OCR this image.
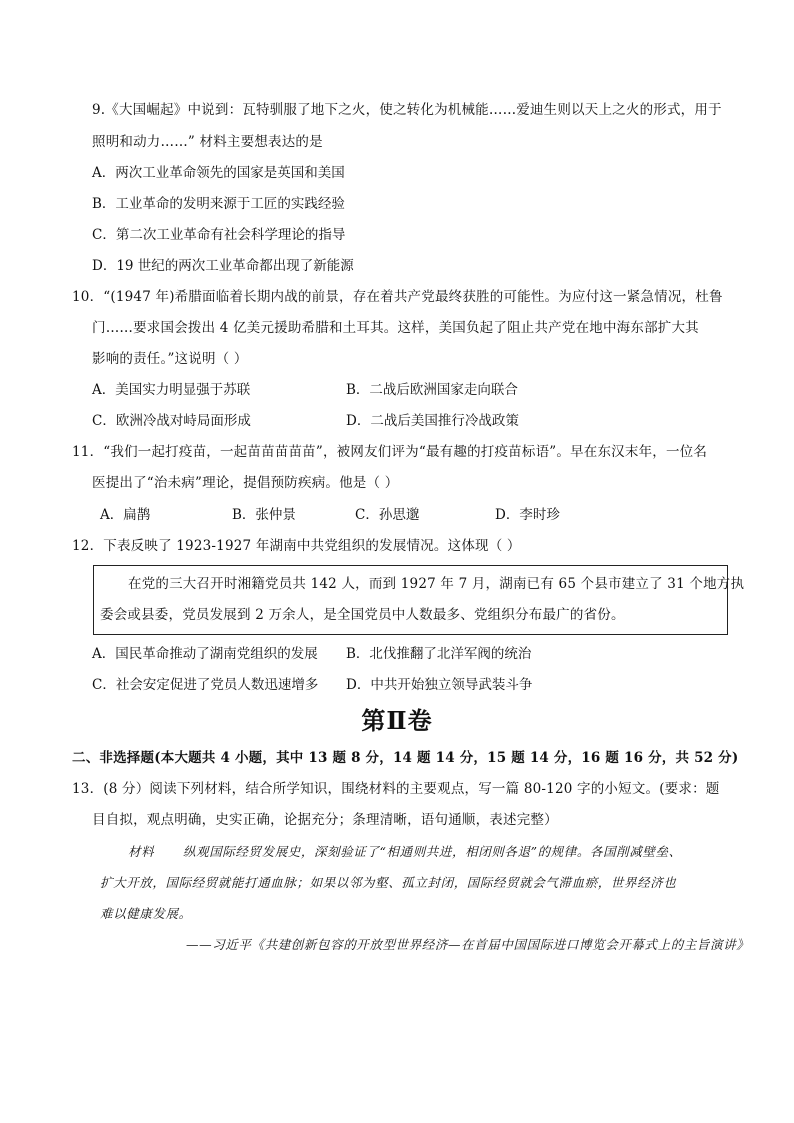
9.《大国崛起》中说到：瓦特驯服了地下之火，使之转化为机械能……爱迪生则以天上之火的形式，用于
照明和动力……” 材料主要想表达的是
A．两次工业革命领先的国家是英国和美国
B．工业革命的发明来源于工匠的实践经验
C．第二次工业革命有社会科学理论的指导
D．19 世纪的两次工业革命都出现了新能源
10．“(1947 年)希腊面临着长期内战的前景，存在着共产党最终获胜的可能性。为应付这一紧急情况，杜鲁
门……要求国会拨出 4 亿美元援助希腊和土耳其。这样，美国负起了阻止共产党在地中海东部扩大其
影响的责任。”这说明（ ）
A．美国实力明显强于苏联	B．二战后欧洲国家走向联合
C．欧洲冷战对峙局面形成	D．二战后美国推行冷战政策
11．“我们一起打疫苗，一起苗苗苗苗苗”，被网友们评为“最有趣的打疫苗标语”。早在东汉末年，一位名
医提出了“治未病”理论，提倡预防疾病。他是（ ）
A．扁鹊	B．张仲景	C．孙思邈	D．李时珍
12．下表反映了 1923-1927 年湖南中共党组织的发展情况。这体现（ ）
在党的三大召开时湘籍党员共 142 人，而到 1927 年 7 月，湖南已有 65 个县市建立了 31 个地方执
委会或县委，党员发展到 2 万余人，是全国党员中人数最多、党组织分布最广的省份。
A．国民革命推动了湖南党组织的发展 B．北伐推翻了北洋军阀的统治
C．社会安定促进了党员人数迅速增多 D．中共开始独立领导武装斗争
第Ⅱ卷
二、非选择题(本大题共 4 小题，其中 13 题 8 分，14 题 14 分，15 题 14 分，16 题 16 分，共 52 分)
13．(8 分）阅读下列材料，结合所学知识，围绕材料的主要观点，写一篇 80-120 字的小短文。(要求：题
目自拟，观点明确，史实正确，论据充分；条理清晰，语句通顺，表述完整）
材料 纵观国际经贸发展史，深刻验证了“相通则共进，相闭则各退”的规律。各国削减壁垒、
扩大开放，国际经贸就能打通血脉；如果以邻为壑、孤立封闭，国际经贸就会气滞血瘀，世界经济也
难以健康发展。
——习近平《共建创新包容的开放型世界经济—在首届中国国际进口博览会开幕式上的主旨演讲》
